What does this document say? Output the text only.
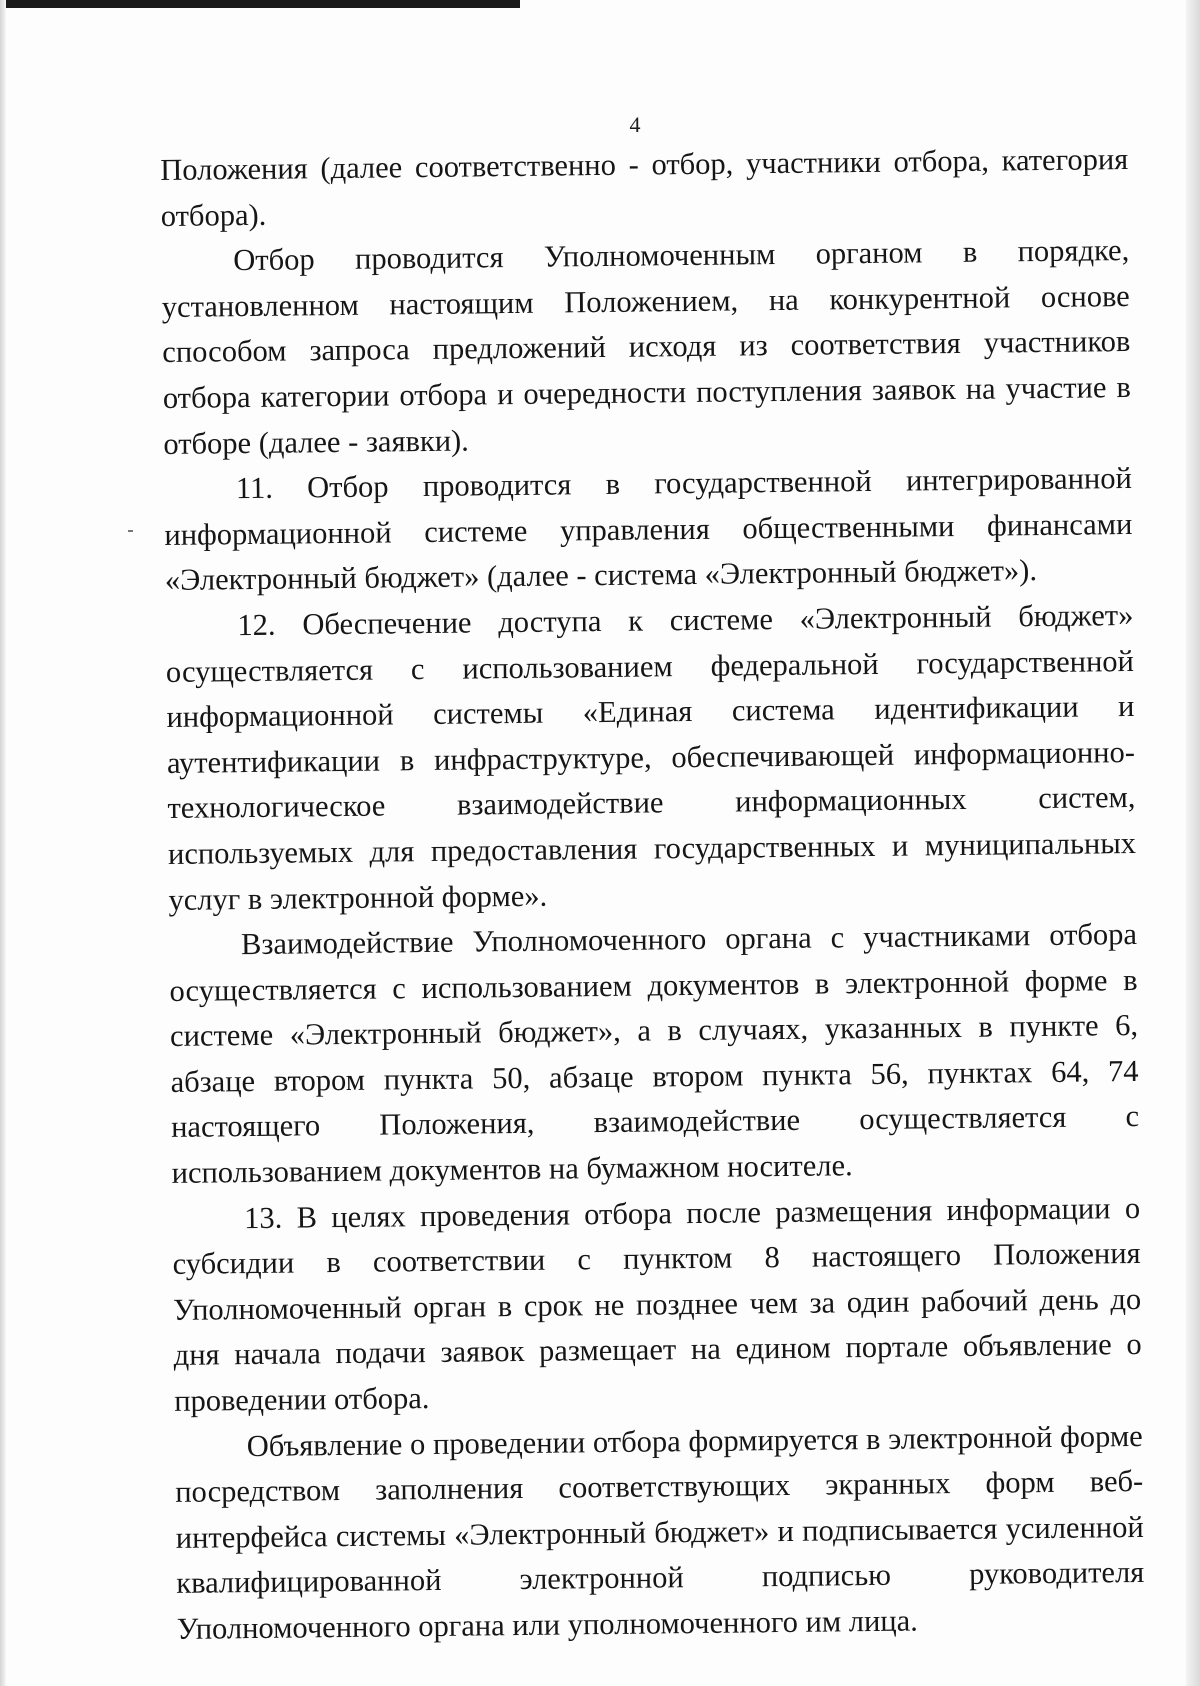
4

Положения (далее соответственно - отбор, участники отбора, категория отбора).

Отбор проводится Уполномоченным органом в порядке, установленном настоящим Положением, на конкурентной основе способом запроса предложений исходя из соответствия участников отбора категории отбора и очередности поступления заявок на участие в отборе (далее - заявки).

11. Отбор проводится в государственной интегрированной информационной системе управления общественными финансами «Электронный бюджет» (далее - система «Электронный бюджет»).

12. Обеспечение доступа к системе «Электронный бюджет» осуществляется с использованием федеральной государственной информационной системы «Единая система идентификации и аутентификации в инфраструктуре, обеспечивающей информационно-технологическое взаимодействие информационных систем, используемых для предоставления государственных и муниципальных услуг в электронной форме».

Взаимодействие Уполномоченного органа с участниками отбора осуществляется с использованием документов в электронной форме в системе «Электронный бюджет», а в случаях, указанных в пункте 6, абзаце втором пункта 50, абзаце втором пункта 56, пунктах 64, 74 настоящего Положения, взаимодействие осуществляется с использованием документов на бумажном носителе.

13. В целях проведения отбора после размещения информации о субсидии в соответствии с пунктом 8 настоящего Положения Уполномоченный орган в срок не позднее чем за один рабочий день до дня начала подачи заявок размещает на едином портале объявление о проведении отбора.

Объявление о проведении отбора формируется в электронной форме посредством заполнения соответствующих экранных форм веб-интерфейса системы «Электронный бюджет» и подписывается усиленной квалифицированной электронной подписью руководителя Уполномоченного органа или уполномоченного им лица.
